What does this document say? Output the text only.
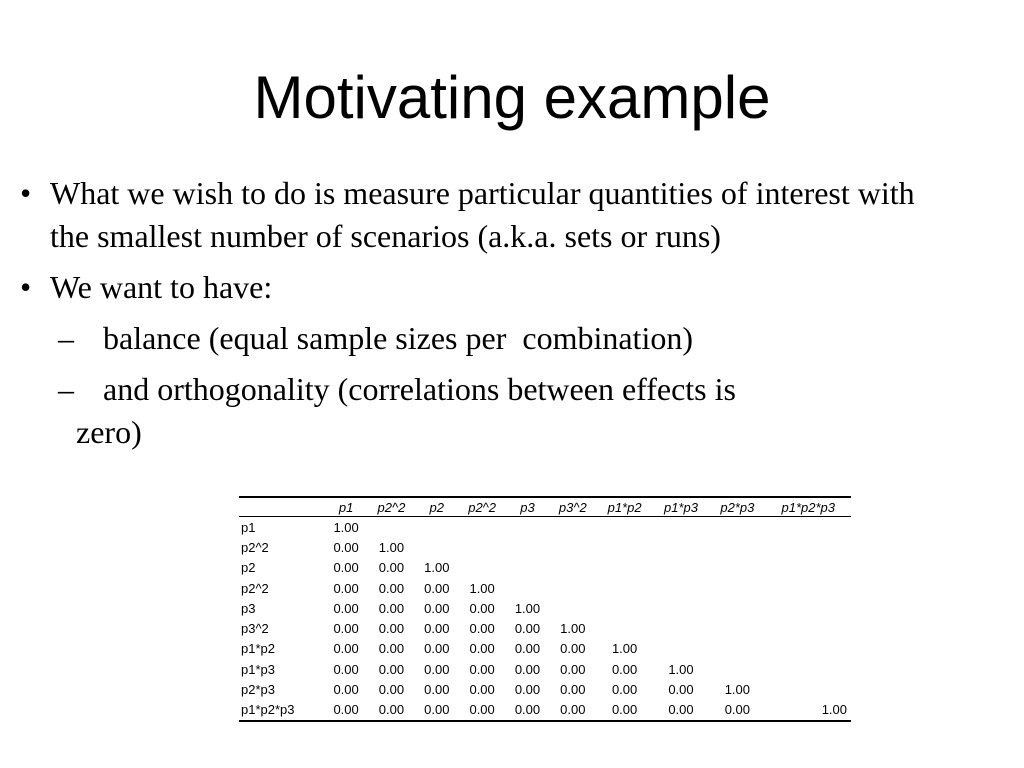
Motivating example
• What we wish to do is measure particular quantities of interest with the smallest number of scenarios (a.k.a. sets or runs)
• We want to have:
– balance (equal sample sizes per  combination)
– and orthogonality (correlations between effects is
zero)
	p1	p2^2	p2	p2^2	p3	p3^2	p1*p2	p1*p3	p2*p3	p1*p2*p3
p1	1.00									
p2^2	0.00	1.00								
p2	0.00	0.00	1.00							
p2^2	0.00	0.00	0.00	1.00						
p3	0.00	0.00	0.00	0.00	1.00					
p3^2	0.00	0.00	0.00	0.00	0.00	1.00				
p1*p2	0.00	0.00	0.00	0.00	0.00	0.00	1.00			
p1*p3	0.00	0.00	0.00	0.00	0.00	0.00	0.00	1.00		
p2*p3	0.00	0.00	0.00	0.00	0.00	0.00	0.00	0.00	1.00	
p1*p2*p3	0.00	0.00	0.00	0.00	0.00	0.00	0.00	0.00	0.00	1.00
